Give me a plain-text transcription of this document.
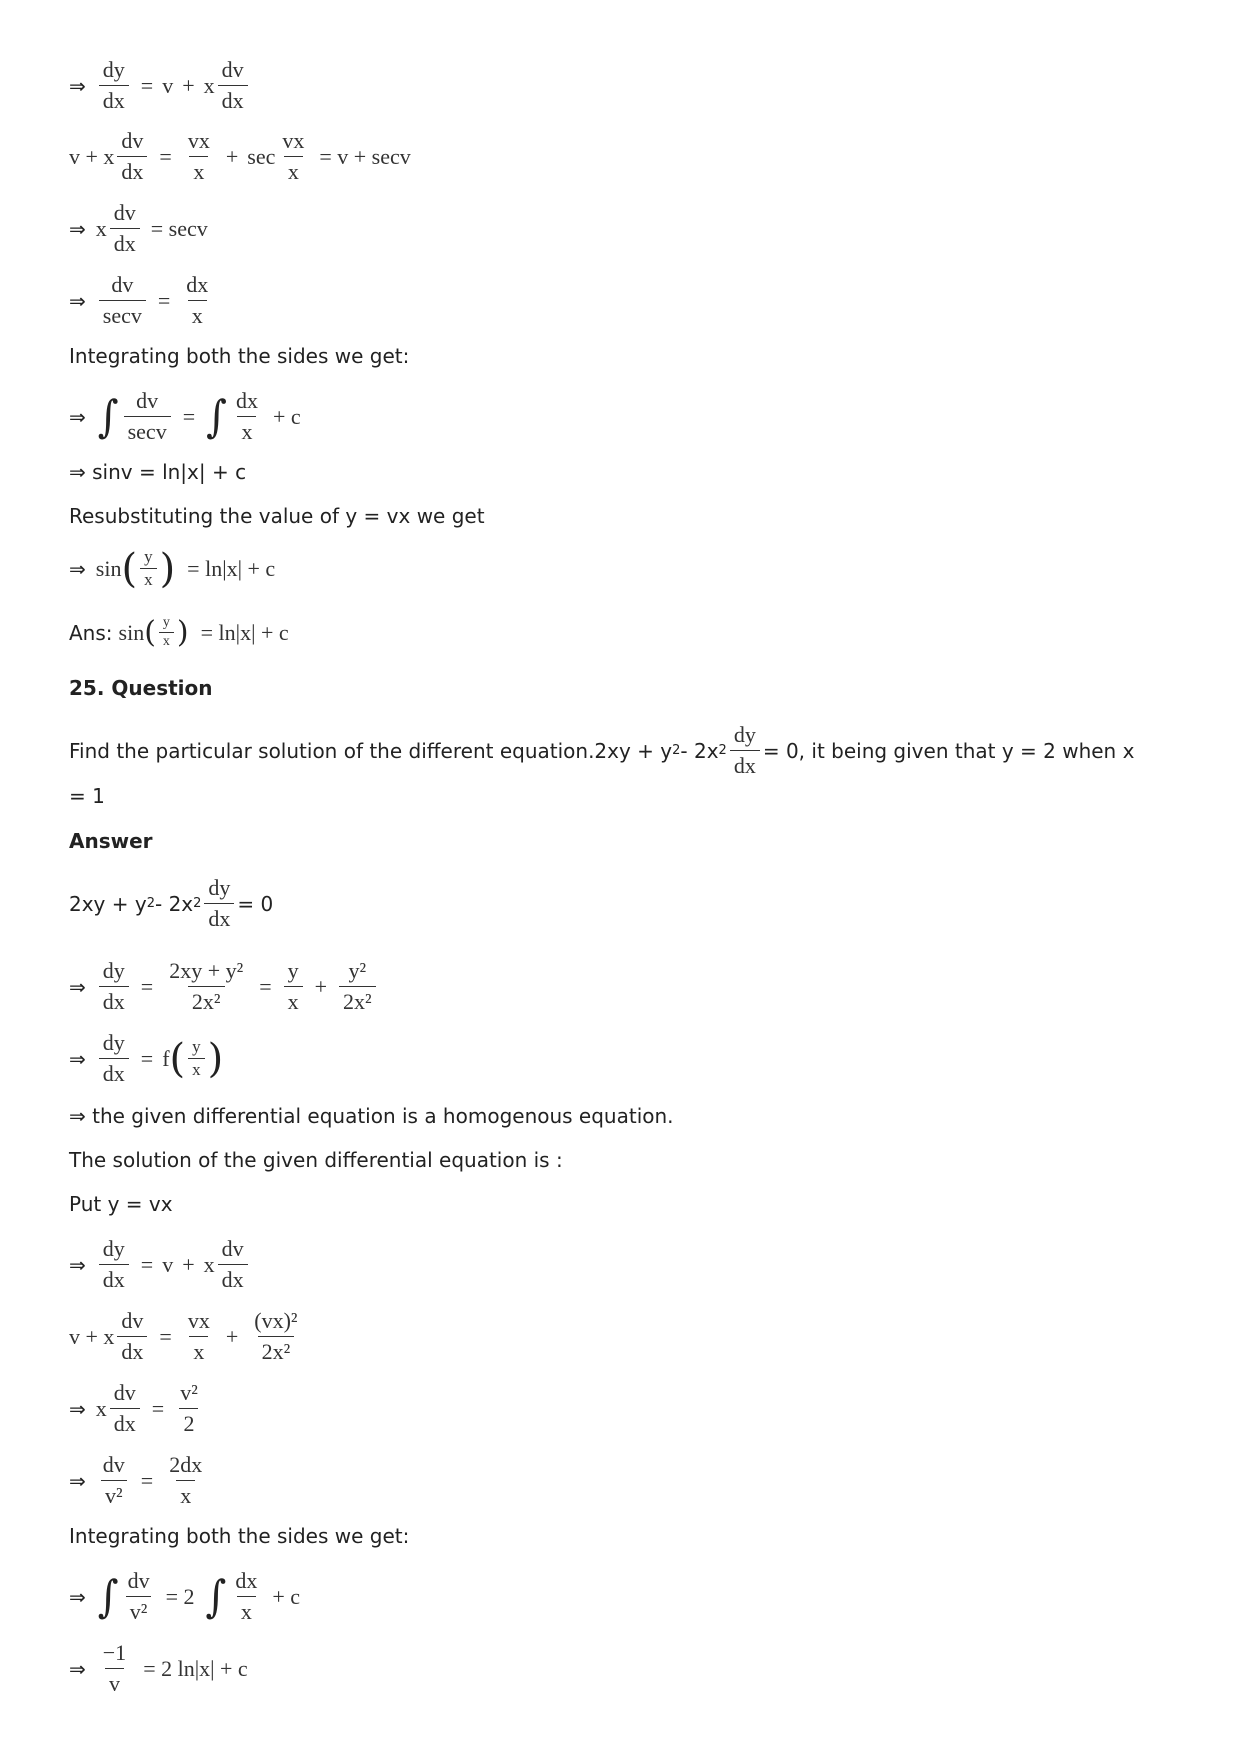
⇒ $\frac{dy}{dx} = v + x \frac{dv}{dx}$
v + x $\frac{dv}{dx} = \frac{vx}{x} + \sec \frac{vx}{x} = v + \sec v$
⇒ x $\frac{dv}{dx} = \sec v$
⇒ $\frac{dv}{\sec v} = \frac{dx}{x}$
Integrating both the sides we get:
⇒ ∫ $\frac{dv}{\sec v}$ = ∫ $\frac{dx}{x} + c$
⇒ sinv = ln|x| + c
Resubstituting the value of y = vx we get
⇒ sin ( $\frac{y}{x}$ ) = ln|x| + c
Ans: sin ( $\frac{y}{x}$ ) = ln|x| + c
25. Question
Find the particular solution of the different equation.2xy + y 2 - 2x $2 \frac{dy}{dx} = 0$, it being given that y = 2 when x
= 1
Answer
2xy + y 2 - 2x $2 \frac{dy}{dx} = 0$
⇒ $\frac{dy}{dx} = \frac{\text{2xy + y²}}{\text{2x²}} = \frac{y}{x} + \frac{\text{y²}}{\text{2x²}}$
⇒ $\frac{dy}{dx} = f$ ( $\frac{y}{x}$ )
⇒ the given differential equation is a homogenous equation.
The solution of the given differential equation is :
Put y = vx
⇒ $\frac{dy}{dx} = v + x \frac{dv}{dx}$
v + x $\frac{dv}{dx} = \frac{vx}{x} + \frac{\text{(vx)²}}{\text{2x²}}$
⇒ x $\frac{dv}{dx} = \frac{\text{v²}}{2}$
⇒ $\frac{dv}{\text{v²}} = \frac{2dx}{x}$
Integrating both the sides we get:
⇒ ∫ $\frac{dv}{\text{v²}} = 2$ ∫ $\frac{dx}{x} + c$
⇒ $\frac{-1}{v} = 2$ ln|x| + c
